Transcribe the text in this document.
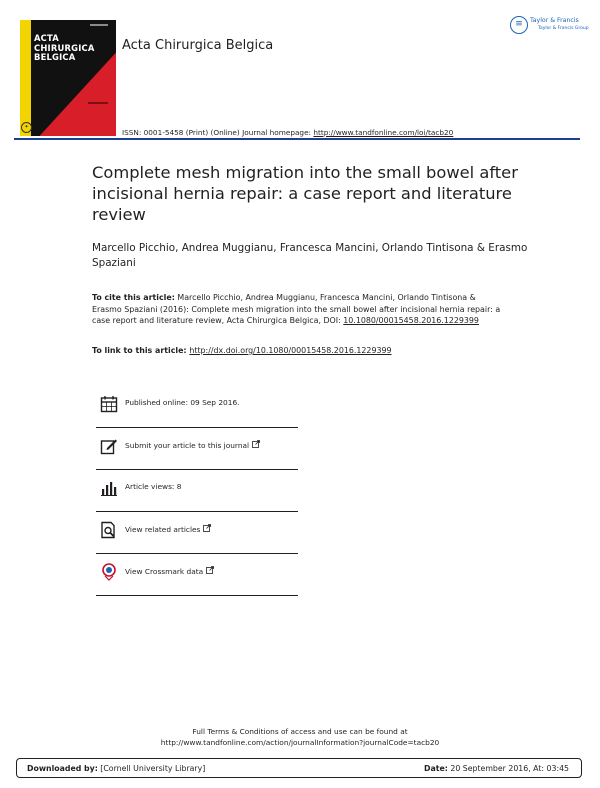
ACTA
CHIRURGICA
BELGICA
✦
Acta Chirurgica Belgica
≡	Taylor & Francis
Taylor & Francis Group
ISSN: 0001-5458 (Print) (Online) Journal homepage: http://www.tandfonline.com/loi/tacb20
Complete mesh migration into the small bowel after incisional hernia repair: a case report and literature review
Marcello Picchio, Andrea Muggianu, Francesca Mancini, Orlando Tintisona & Erasmo Spaziani
To cite this article: Marcello Picchio, Andrea Muggianu, Francesca Mancini, Orlando Tintisona & Erasmo Spaziani (2016): Complete mesh migration into the small bowel after incisional hernia repair: a case report and literature review, Acta Chirurgica Belgica, DOI: 10.1080/00015458.2016.1229399
To link to this article: http://dx.doi.org/10.1080/00015458.2016.1229399
Published online: 09 Sep 2016.
Submit your article to this journal
Article views: 8
View related articles
View Crossmark data
Full Terms & Conditions of access and use can be found at
http://www.tandfonline.com/action/journalInformation?journalCode=tacb20
Downloaded by: [Cornell University Library]	Date: 20 September 2016, At: 03:45
